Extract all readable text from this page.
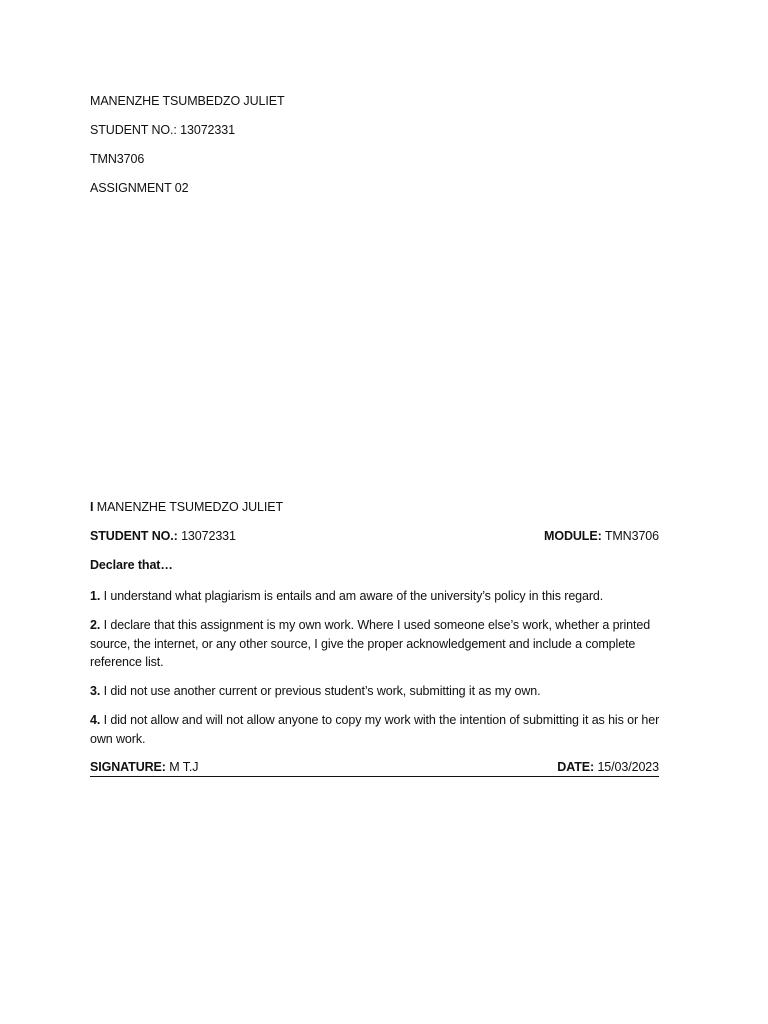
MANENZHE TSUMBEDZO JULIET
STUDENT NO.: 13072331
TMN3706
ASSIGNMENT 02
I MANENZHE TSUMEDZO JULIET
STUDENT NO.: 13072331	MODULE: TMN3706
Declare that…
1. I understand what plagiarism is entails and am aware of the university’s policy in this regard.
2. I declare that this assignment is my own work. Where I used someone else’s work, whether a printed source, the internet, or any other source, I give the proper acknowledgement and include a complete reference list.
3. I did not use another current or previous student’s work, submitting it as my own.
4. I did not allow and will not allow anyone to copy my work with the intention of submitting it as his or her own work.
SIGNATURE: M T.J	DATE: 15/03/2023
